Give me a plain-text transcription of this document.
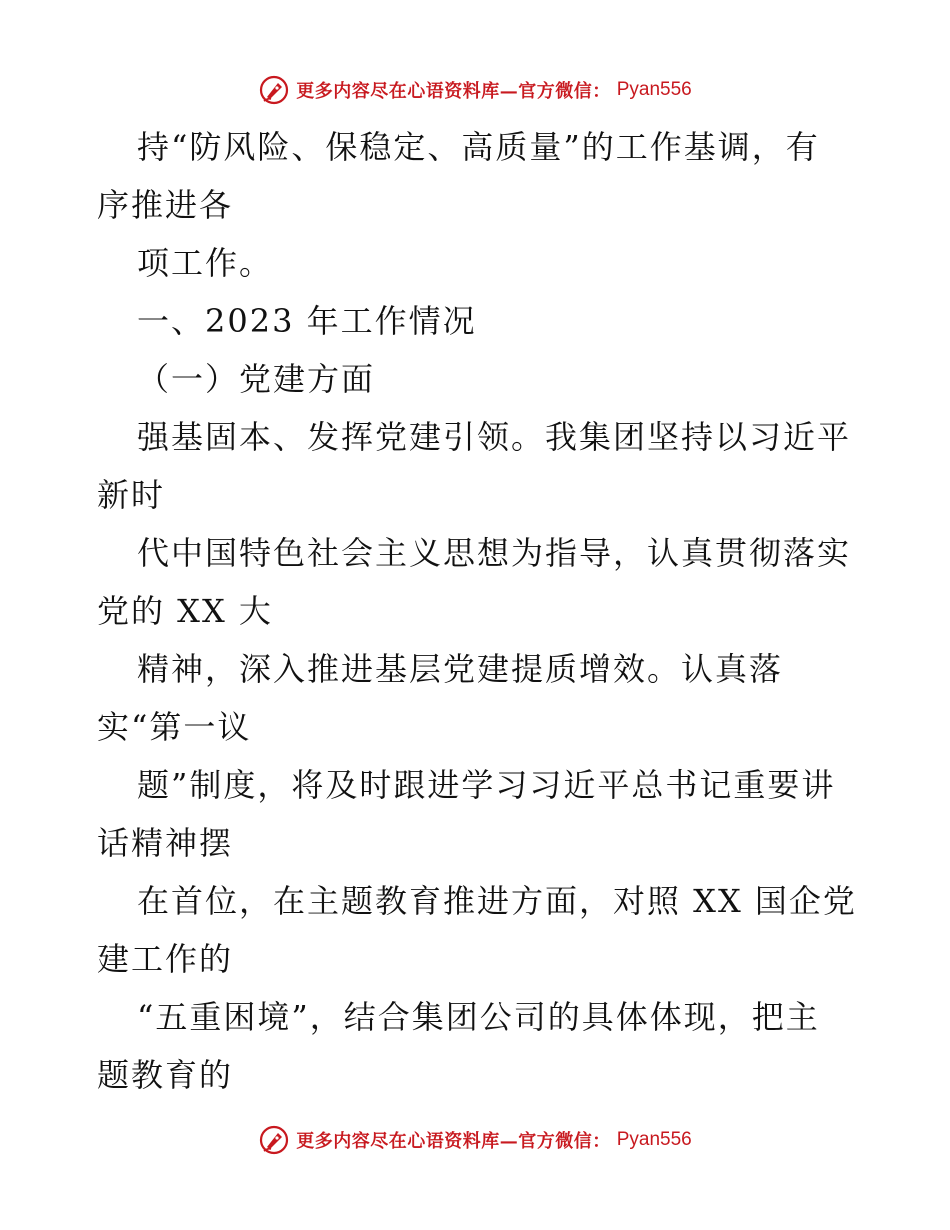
更多内容尽在心语资料库—官方微信： Pyan556
持“防风险、保稳定、高质量”的工作基调，有
序推进各
项工作。
一、2023 年工作情况
（一）党建方面
强基固本、发挥党建引领。我集团坚持以习近平
新时
代中国特色社会主义思想为指导，认真贯彻落实
党的 XX 大
精神，深入推进基层党建提质增效。认真落
实“第一议
题”制度，将及时跟进学习习近平总书记重要讲
话精神摆
在首位，在主题教育推进方面，对照 XX 国企党
建工作的
“五重困境”，结合集团公司的具体体现，把主
题教育的
更多内容尽在心语资料库—官方微信： Pyan556
